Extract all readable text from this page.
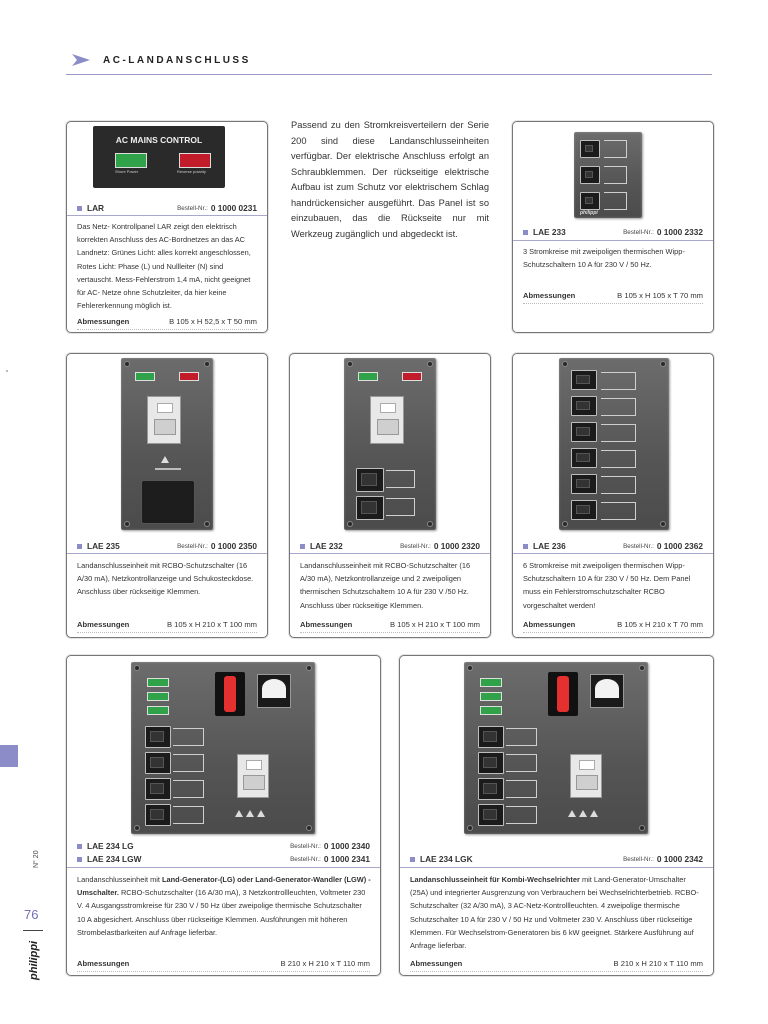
AC-LANDANSCHLUSS
Passend zu den Stromkreisverteilern der Serie 200 sind diese Landanschlusseinheiten verfügbar. Der elektrische Anschluss erfolgt an Schraubklemmen. Der rückseitige elektrische Aufbau ist zum Schutz vor elektrischem Schlag handrückensicher ausgeführt. Das Panel ist so einzubauen, das die Rückseite nur mit Werkzeug zugänglich und abgedeckt ist.
AC MAINS CONTROL
Shore Power	Reverse polarity
LAR	Bestell-Nr.: 0 1000 0231
Das Netz- Kontrollpanel LAR zeigt den elektrisch korrekten Anschluss des AC-Bordnetzes an das AC Landnetz: Grünes Licht: alles korrekt angeschlossen, Rotes Licht: Phase (L) und Nullleiter (N) sind vertauscht. Mess-Fehlerstrom 1,4 mA, nicht geeignet für AC- Netze ohne Schutzleiter, da hier keine Fehlererkennung möglich ist.
Abmessungen	B 105 x H 52,5 x T 50 mm
philippi
LAE 233	Bestell-Nr.: 0 1000 2332
3 Stromkreise mit zweipoligen thermischen Wipp-Schutzschaltern 10 A für 230 V / 50 Hz.
Abmessungen	B 105 x H 105 x T 70 mm
LAE 235	Bestell-Nr.: 0 1000 2350
Landanschlusseinheit mit RCBO-Schutzschalter (16 A/30 mA), Netzkontrollanzeige und Schukosteckdose. Anschluss über rückseitige Klemmen.
Abmessungen	B 105 x H 210 x T 100 mm
LAE 232	Bestell-Nr.: 0 1000 2320
Landanschlusseinheit mit RCBO-Schutzschalter (16 A/30 mA), Netzkontrollanzeige und 2 zweipoligen thermischen Schutzschaltern 10 A für 230 V /50 Hz. Anschluss über rückseitige Klemmen.
Abmessungen	B 105 x H 210 x T 100 mm
LAE 236	Bestell-Nr.: 0 1000 2362
6 Stromkreise mit zweipoligen thermischen Wipp-Schutzschaltern 10 A für 230 V / 50 Hz. Dem Panel muss ein Fehlerstromschutzschalter RCBO vorgeschaltet werden!
Abmessungen	B 105 x H 210 x T 70 mm
LAE 234 LG	Bestell-Nr.: 0 1000 2340
LAE 234 LGW	Bestell-Nr.: 0 1000 2341
Landanschlusseinheit mit Land-Generator-(LG) oder Land-Generator-Wandler (LGW) -Umschalter. RCBO-Schutzschalter (16 A/30 mA), 3 Netzkontrollleuchten, Voltmeter 230 V. 4 Ausgangsstromkreise für 230 V / 50 Hz über zweipolige thermische Schutzschalter 10 A abgesichert. Anschluss über rückseitige Klemmen. Ausführungen mit höheren Strombelastbarkeiten auf Anfrage lieferbar.
Abmessungen	B 210 x H 210 x T 110 mm
LAE 234 LGK	Bestell-Nr.: 0 1000 2342
Landanschlusseinheit für Kombi-Wechselrichter mit Land-Generator-Umschalter (25A) und integrierter Ausgrenzung von Verbrauchern bei Wechselrichterbetrieb. RCBO-Schutzschalter (32 A/30 mA), 3 AC-Netz-Kontrollleuchten. 4 zweipolige thermische Schutzschalter 10 A für 230 V / 50 Hz und Voltmeter 230 V. Anschluss über rückseitige Klemmen. Für Wechselstrom-Generatoren bis 6 kW geeignet. Stärkere Ausführung auf Anfrage lieferbar.
Abmessungen	B 210 x H 210 x T 110 mm
N° 20
76
philippi
